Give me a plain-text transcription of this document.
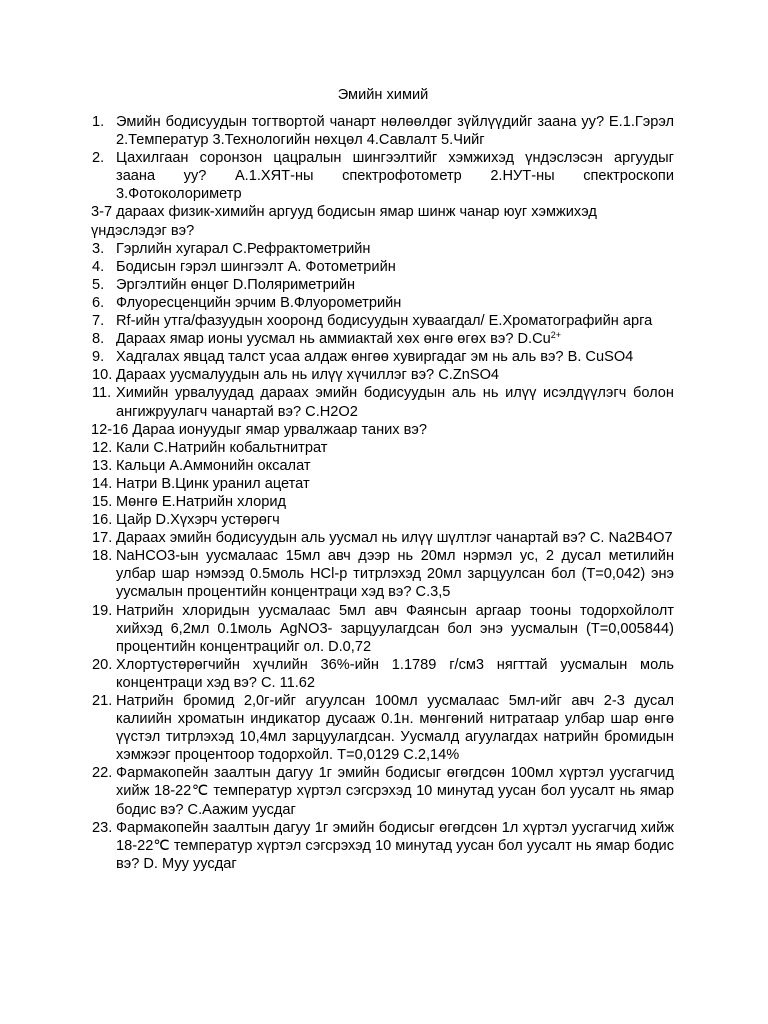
Эмийн химий
1. Эмийн бодисуудын тогтвортой чанарт нөлөөлдөг зүйлүүдийг заана уу? Е.1.Гэрэл 2.Температур 3.Технологийн нөхцөл 4.Савлалт 5.Чийг
2. Цахилгаан соронзон цацралын шингээлтийг хэмжихэд үндэслэсэн аргуудыг заана уу? А.1.ХЯТ-ны спектрофотометр 2.НУТ-ны спектроскопи 3.Фотоколориметр
3-7 дараах физик-химийн аргууд бодисын ямар шинж чанар юуг хэмжихэд үндэслэдэг вэ?
3. Гэрлийн хугарал С.Рефрактометрийн
4. Бодисын гэрэл шингээлт А. Фотометрийн
5. Эргэлтийн өнцөг D.Поляриметрийн
6. Флуоресценцийн эрчим В.Флуорометрийн
7. Rf-ийн утга/фазуудын хооронд бодисуудын хуваагдал/ Е.Хроматографийн арга
8. Дараах ямар ионы уусмал нь аммиактай хөх өнгө өгөх вэ? $D.Cu^{2+}$
9. Хадгалах явцад талст усаа алдаж өнгөө хувиргадаг эм нь аль вэ? В. CuSO4
10. Дараах уусмалуудын аль нь илүү хүчиллэг вэ? C.ZnSO4
11. Химийн урвалуудад дараах эмийн бодисуудын аль нь илүү исэлдүүлэгч болон ангижруулагч чанартай вэ? C.H2O2
12-16 Дараа ионуудыг ямар урвалжаар таних вэ?
12. Кали С.Натрийн кобальтнитрат
13. Кальци А.Аммонийн оксалат
14. Натри В.Цинк уранил ацетат
15. Мөнгө Е.Натрийн хлорид
16. Цайр D.Хүхэрч устөрөгч
17. Дараах эмийн бодисуудын аль уусмал нь илүү шүлтлэг чанартай вэ? С. Na2B4O7
18. NaHCO3-ын уусмалаас 15мл авч дээр нь 20мл нэрмэл ус, 2 дусал метилийн улбар шар нэмээд 0.5моль HCl-р титрлэхэд 20мл зарцуулсан бол (T=0,042) энэ уусмалын процентийн концентраци хэд вэ? С.3,5
19. Натрийн хлоридын уусмалаас 5мл авч Фаянсын аргаар тооны тодорхойлолт хийхэд 6,2мл 0.1моль AgNO3- зарцуулагдсан бол энэ уусмалын (T=0,005844) процентийн концентрацийг ол. D.0,72
20. Хлортустөрөгчийн хүчлийн 36%-ийн 1.1789 г/см3 нягттай уусмалын моль концентраци хэд вэ? С. 11.62
21. Натрийн бромид 2,0г-ийг агуулсан 100мл уусмалаас 5мл-ийг авч 2-3 дусал калиийн хроматын индикатор дусааж 0.1н. мөнгөний нитратаар улбар шар өнгө үүстэл титрлэхэд 10,4мл зарцуулагдсан. Уусмалд агуулагдах натрийн бромидын хэмжээг процентоор тодорхойл. T=0,0129 С.2,14%
22. Фармакопейн заалтын дагуу 1г эмийн бодисыг өгөгдсөн 100мл хүртэл уусгагчид хийж 18-22℃ температур хүртэл сэгсрэхэд 10 минутад уусан бол уусалт нь ямар бодис вэ? С.Аажим уусдаг
23. Фармакопейн заалтын дагуу 1г эмийн бодисыг өгөгдсөн 1л хүртэл уусгагчид хийж 18-22℃ температур хүртэл сэгсрэхэд 10 минутад уусан бол уусалт нь ямар бодис вэ? D. Муу уусдаг
